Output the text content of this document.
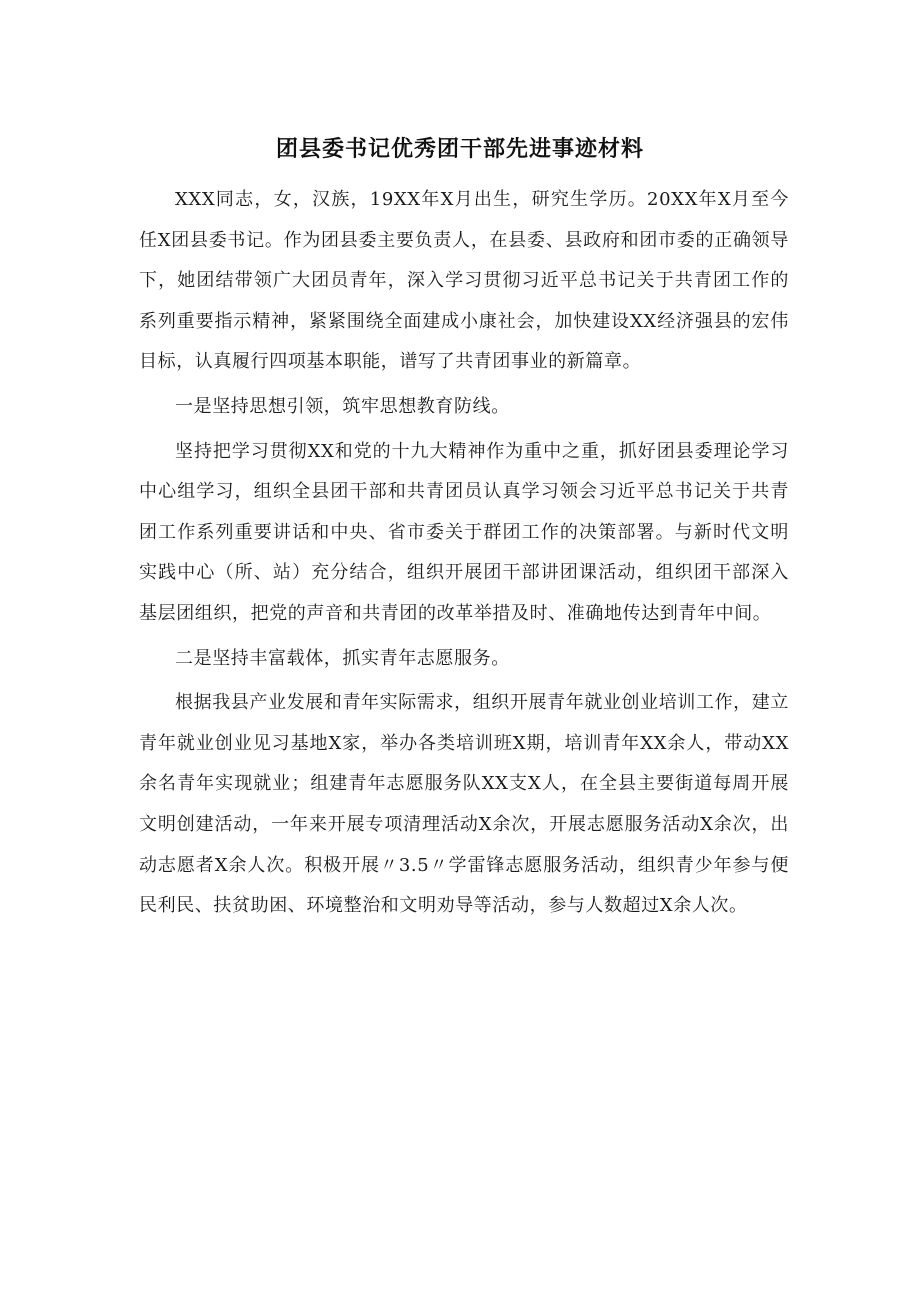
团县委书记优秀团干部先进事迹材料

XXX同志，女，汉族，19XX年X月出生，研究生学历。20XX年X月至今任X团县委书记。作为团县委主要负责人，在县委、县政府和团市委的正确领导下，她团结带领广大团员青年，深入学习贯彻习近平总书记关于共青团工作的系列重要指示精神，紧紧围绕全面建成小康社会，加快建设XX经济强县的宏伟目标，认真履行四项基本职能，谱写了共青团事业的新篇章。

一是坚持思想引领，筑牢思想教育防线。

坚持把学习贯彻XX和党的十九大精神作为重中之重，抓好团县委理论学习中心组学习，组织全县团干部和共青团员认真学习领会习近平总书记关于共青团工作系列重要讲话和中央、省市委关于群团工作的决策部署。与新时代文明实践中心（所、站）充分结合，组织开展团干部讲团课活动，组织团干部深入基层团组织，把党的声音和共青团的改革举措及时、准确地传达到青年中间。

二是坚持丰富载体，抓实青年志愿服务。

根据我县产业发展和青年实际需求，组织开展青年就业创业培训工作，建立青年就业创业见习基地X家，举办各类培训班X期，培训青年XX余人，带动XX余名青年实现就业；组建青年志愿服务队XX支X人，在全县主要街道每周开展文明创建活动，一年来开展专项清理活动X余次，开展志愿服务活动X余次，出动志愿者X余人次。积极开展〃3.5〃学雷锋志愿服务活动，组织青少年参与便民利民、扶贫助困、环境整治和文明劝导等活动，参与人数超过X余人次。
